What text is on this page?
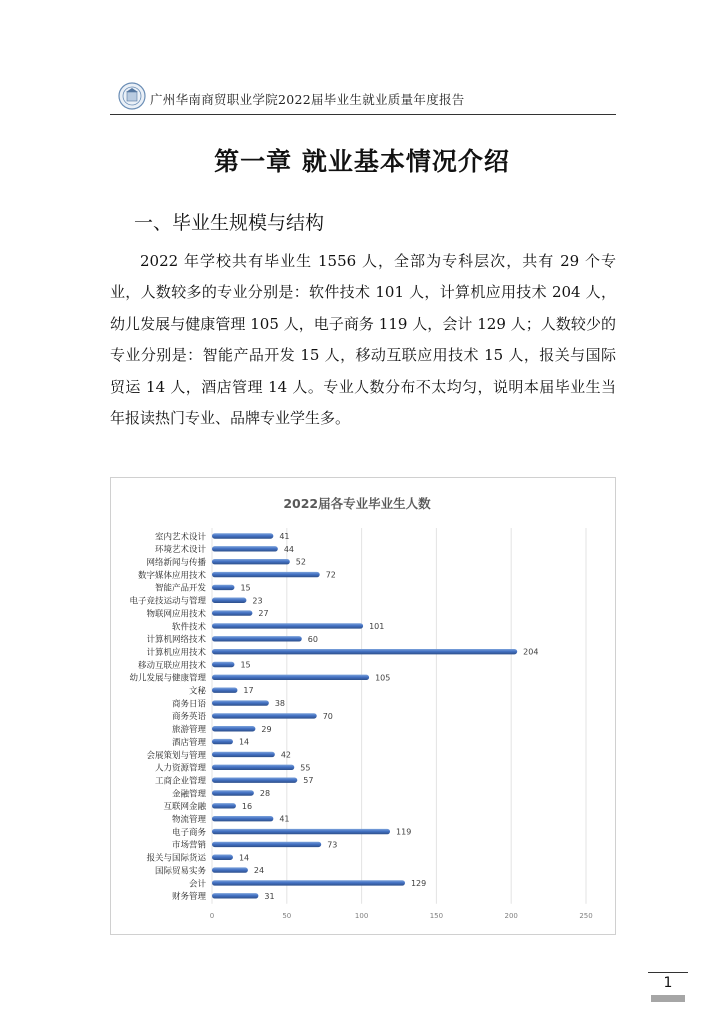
广州华南商贸职业学院2022届毕业生就业质量年度报告
第一章 就业基本情况介绍
一、毕业生规模与结构
2022 年学校共有毕业生 1556 人，全部为专科层次，共有 29 个专业，人数较多的专业分别是：软件技术 101 人，计算机应用技术 204 人，幼儿发展与健康管理 105 人，电子商务 119 人，会计 129 人；人数较少的专业分别是：智能产品开发 15 人，移动互联应用技术 15 人，报关与国际贸运 14 人，酒店管理 14 人。专业人数分布不太均匀，说明本届毕业生当年报读热门专业、品牌专业学生多。
2022届各专业毕业生人数
0	50	100	150	200	250
室内艺术设计	41
环境艺术设计	44
网络新闻与传播	52
数字媒体应用技术	72
智能产品开发	15
电子竞技运动与管理	23
物联网应用技术	27
软件技术	101
计算机网络技术	60
计算机应用技术	204
移动互联应用技术	15
幼儿发展与健康管理	105
文秘	17
商务日语	38
商务英语	70
旅游管理	29
酒店管理	14
会展策划与管理	42
人力资源管理	55
工商企业管理	57
金融管理	28
互联网金融	16
物流管理	41
电子商务	119
市场营销	73
报关与国际货运	14
国际贸易实务	24
会计	129
财务管理	31
1
